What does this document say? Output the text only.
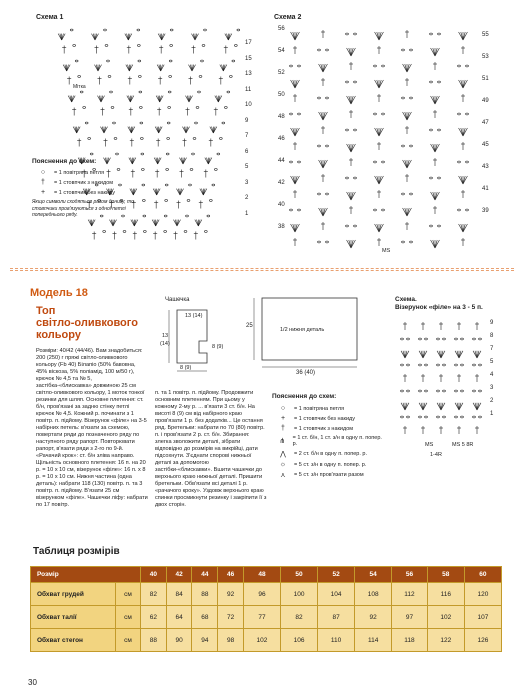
Схема 1
17
15
13
11
10
9
7
6
5
3
2
1
Мітка
Пояснення до схем:
○	= 1 повітряна петля
†	= 1 стовпчик з накидом
+	= 1 стовпчик без накиду
Якщо символи сходяться разом донизу, то стовпчики пров'язуються з одної петлі попереднього ряду.
Схема 2
56
54
52
50
48
46
44
42
40
38
55
53
51
49
47
45
43
41
39
MS
Модель 18
Топ
світло-оливкового
кольору
Розміри: 40/42 (44/46). Вам знадобиться: 200 (250) г пряжі світло-оливкового кольору (Fb 40) Білапіо (50% бавовна, 45% віскоза, 5% поліамід, 100 м/50 г), крючок № 4,5 та № 5, застібка-«блискавка» довжиною 25 см світло-оливкового кольору, 1 моток тонкої резинки для шляп. Основне плетення: ст. б/н, пров'язані за задню стінку петлі крючок № 4,5. Кожний р. починати з 1 повітр. п. підйому. Візерунок «філе» на 3-5 набірних петель: в'язати за схемою, повертати ряди до позначеного ряду по наступного ряду рапорт. Повторювати рапорт, в'язати ряди з 2-го по 9-й. «Рачачий крок»: ст. б/н зліва направо. Щільність основного плетення: 16 п. на 20 р. = 10 х 10 см, візерунок «філе»: 16 п. х 8 р. = 10 х 10 см. Нижня частина (одна деталь): набрати 118 (130) повітр. п. та 3 повітр. п. підйому. В'язати 25 см візерунком «філе». Чашечки ліфу: набрати по 17 повітр.
п. та 1 повітр. п. підйому. Продовжити основним плетенням. При цьому у кожному 2-му р. ... в'язати 3 ст. б/н. На висоті 8 (9) см від набірного краю пров'язати 1 р. без додатків... Це остання ряд. Бретельки: набрати по 70 (80) повітр. п. і пров'язати 2 р. ст. б/н. Збирання: злегка зволожити деталі, зібрати відповідно до розмірів на викрійці, дати підсохнути. З'єднати спорові нижньої деталі за допомогою застібки-«блискавки». Вшити чашечки до верхнього краю нижньої деталі. Пришити бретельки. Обв'язати всі деталі 1 р. «рачачого кроку». Уздовж верхнього краю спинки просмикнути резинку і закріпити її з двох сторін.
Чашечка
13 (14)
13
(14)
8 (9)
8 (9)
1/2 нижня деталь
25
36 (40)
Пояснення до схем:
○	= 1 повітряна петля
+	= 1 стовпчик без накиду
†	= 1 стовпчик з накидом
⋔	= 1 ст. б/н, 1 ст. з/н в одну п. попер. р.
⋀	= 2 ст. б/н в одну п. попер. р.
☼	= 5 ст. з/н в одну п. попер. р.
⋏	= 5 ст. з/н пров'язати разом
Схема.
Візерунок «філе» на 3 - 5 п.
9
8
7
5
4
3
2
1
MS	MS 5 8R
1-4R
Таблиця розмірів
Розмір		40	42	44	46	48	50	52	54	56	58	60
Обхват грудей	см	82	84	88	92	96	100	104	108	112	116	120
Обхват талії	см	62	64	68	72	77	82	87	92	97	102	107
Обхват стегон	см	88	90	94	98	102	106	110	114	118	122	126
30
